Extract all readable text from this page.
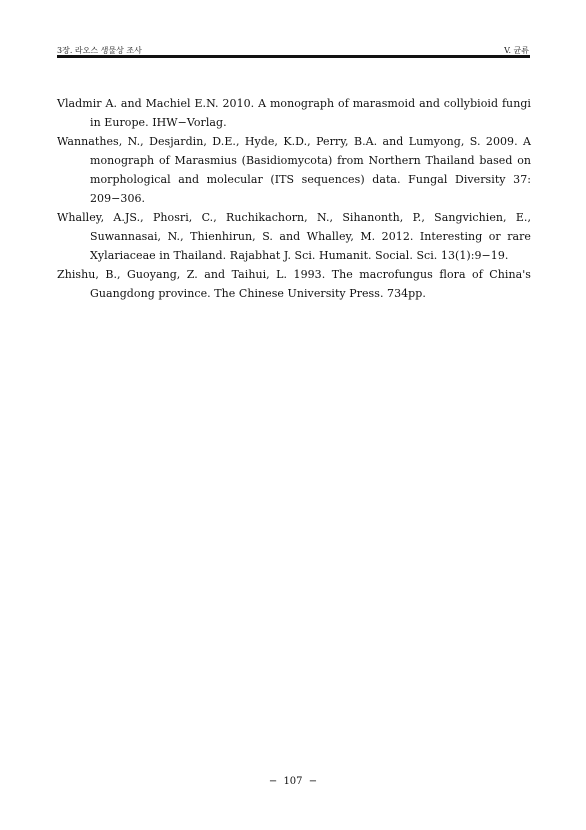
3장. 라오스 생물상 조사	V. 균류
Vladmir A. and Machiel E.N. 2010. A monograph of marasmoid and collybioid fungi in Europe. IHW−Vorlag.
Wannathes, N., Desjardin, D.E., Hyde, K.D., Perry, B.A. and Lumyong, S. 2009. A monograph of Marasmius (Basidiomycota) from Northern Thailand based on morphological and molecular (ITS sequences) data. Fungal Diversity 37: 209−306.
Whalley, A.JS., Phosri, C., Ruchikachorn, N., Sihanonth, P., Sangvichien, E., Suwannasai, N., Thienhirun, S. and Whalley, M. 2012. Interesting or rare Xylariaceae in Thailand. Rajabhat J. Sci. Humanit. Social. Sci. 13(1):9−19.
Zhishu, B., Guoyang, Z. and Taihui, L. 1993. The macrofungus flora of China's Guangdong province. The Chinese University Press. 734pp.
− 107 −
